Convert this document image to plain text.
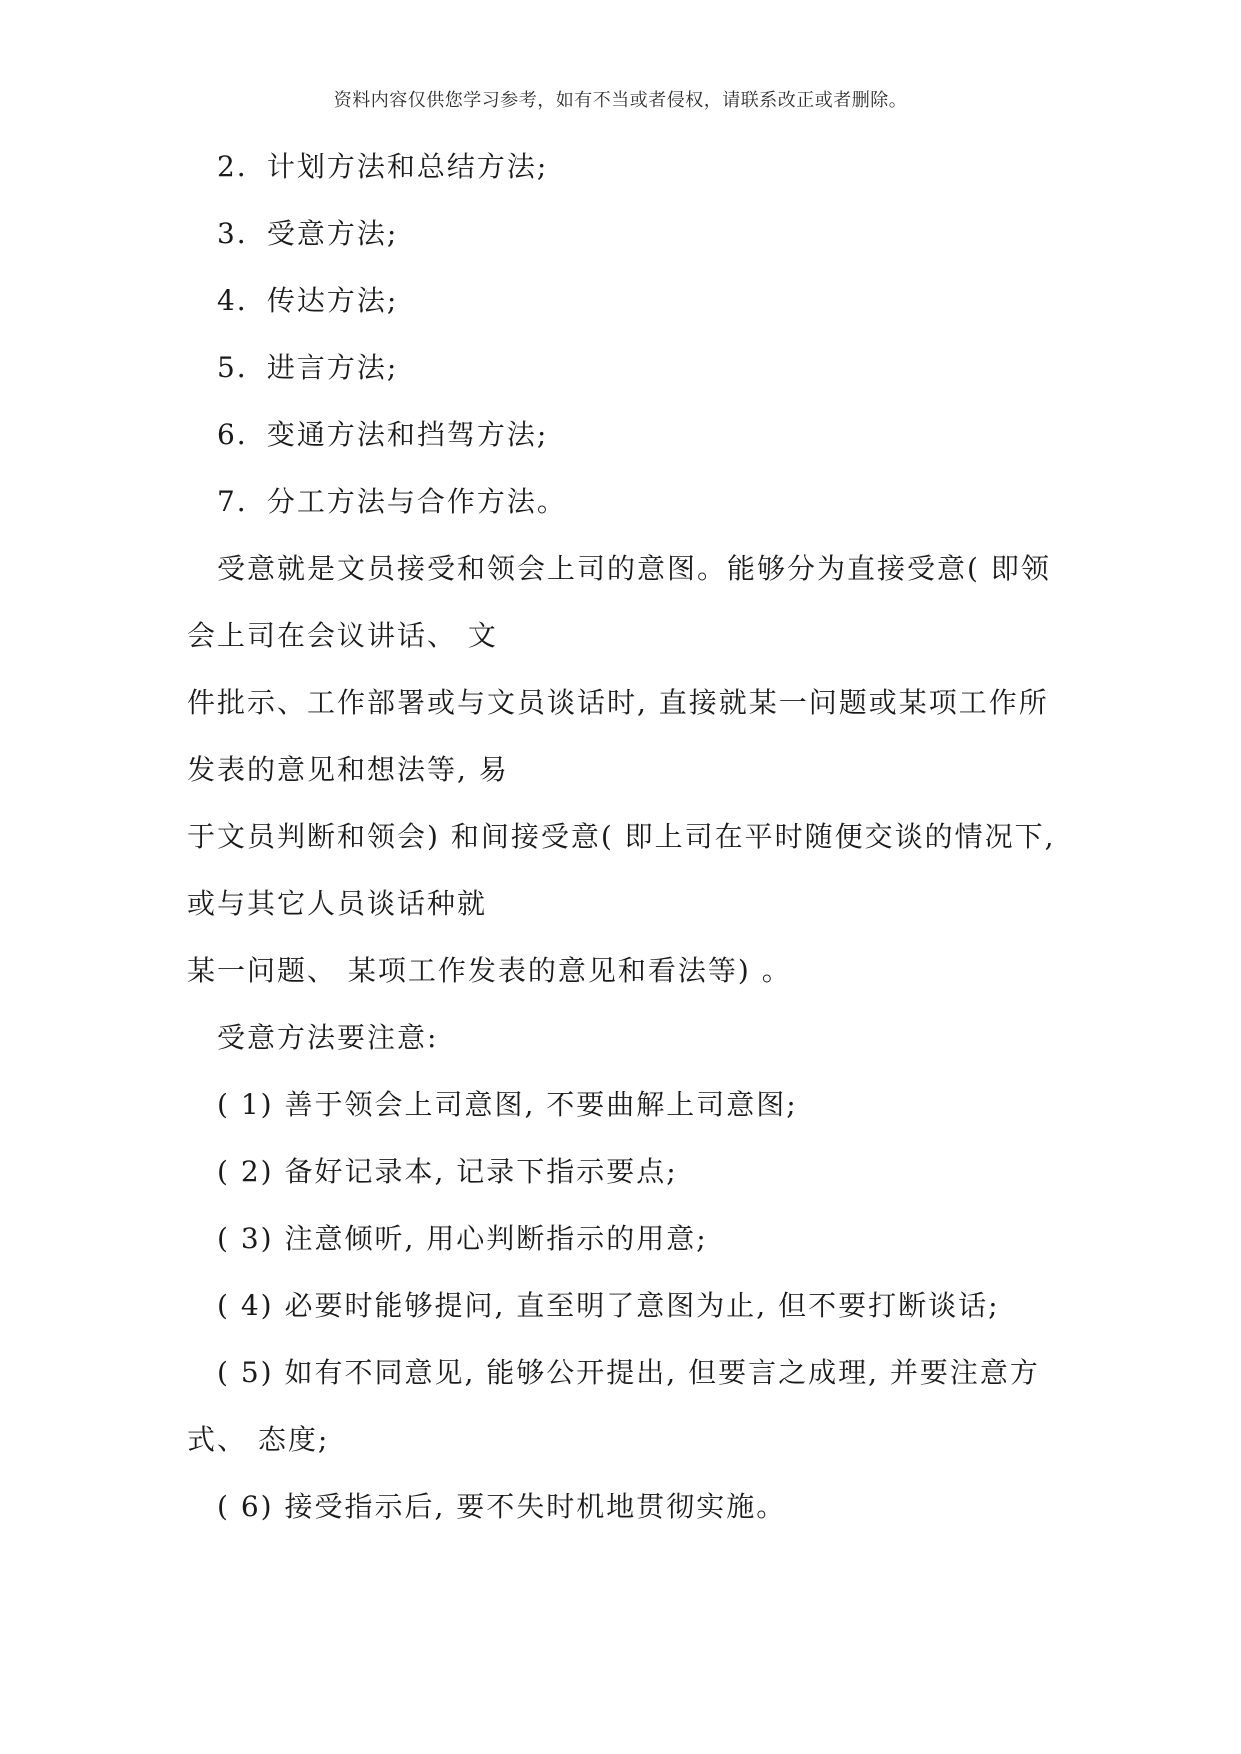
资料内容仅供您学习参考，如有不当或者侵权，请联系改正或者删除。
2．计划方法和总结方法;
3．受意方法;
4．传达方法;
5．进言方法;
6．变通方法和挡驾方法;
7．分工方法与合作方法。
受意就是文员接受和领会上司的意图。能够分为直接受意( 即领
会上司在会议讲话、 文
件批示、工作部署或与文员谈话时, 直接就某一问题或某项工作所
发表的意见和想法等, 易
于文员判断和领会) 和间接受意( 即上司在平时随便交谈的情况下,
或与其它人员谈话种就
某一问题、 某项工作发表的意见和看法等) 。
受意方法要注意:
( 1) 善于领会上司意图, 不要曲解上司意图;
( 2) 备好记录本, 记录下指示要点;
( 3) 注意倾听, 用心判断指示的用意;
( 4) 必要时能够提问, 直至明了意图为止, 但不要打断谈话;
( 5) 如有不同意见, 能够公开提出, 但要言之成理, 并要注意方
式、 态度;
( 6) 接受指示后, 要不失时机地贯彻实施。
